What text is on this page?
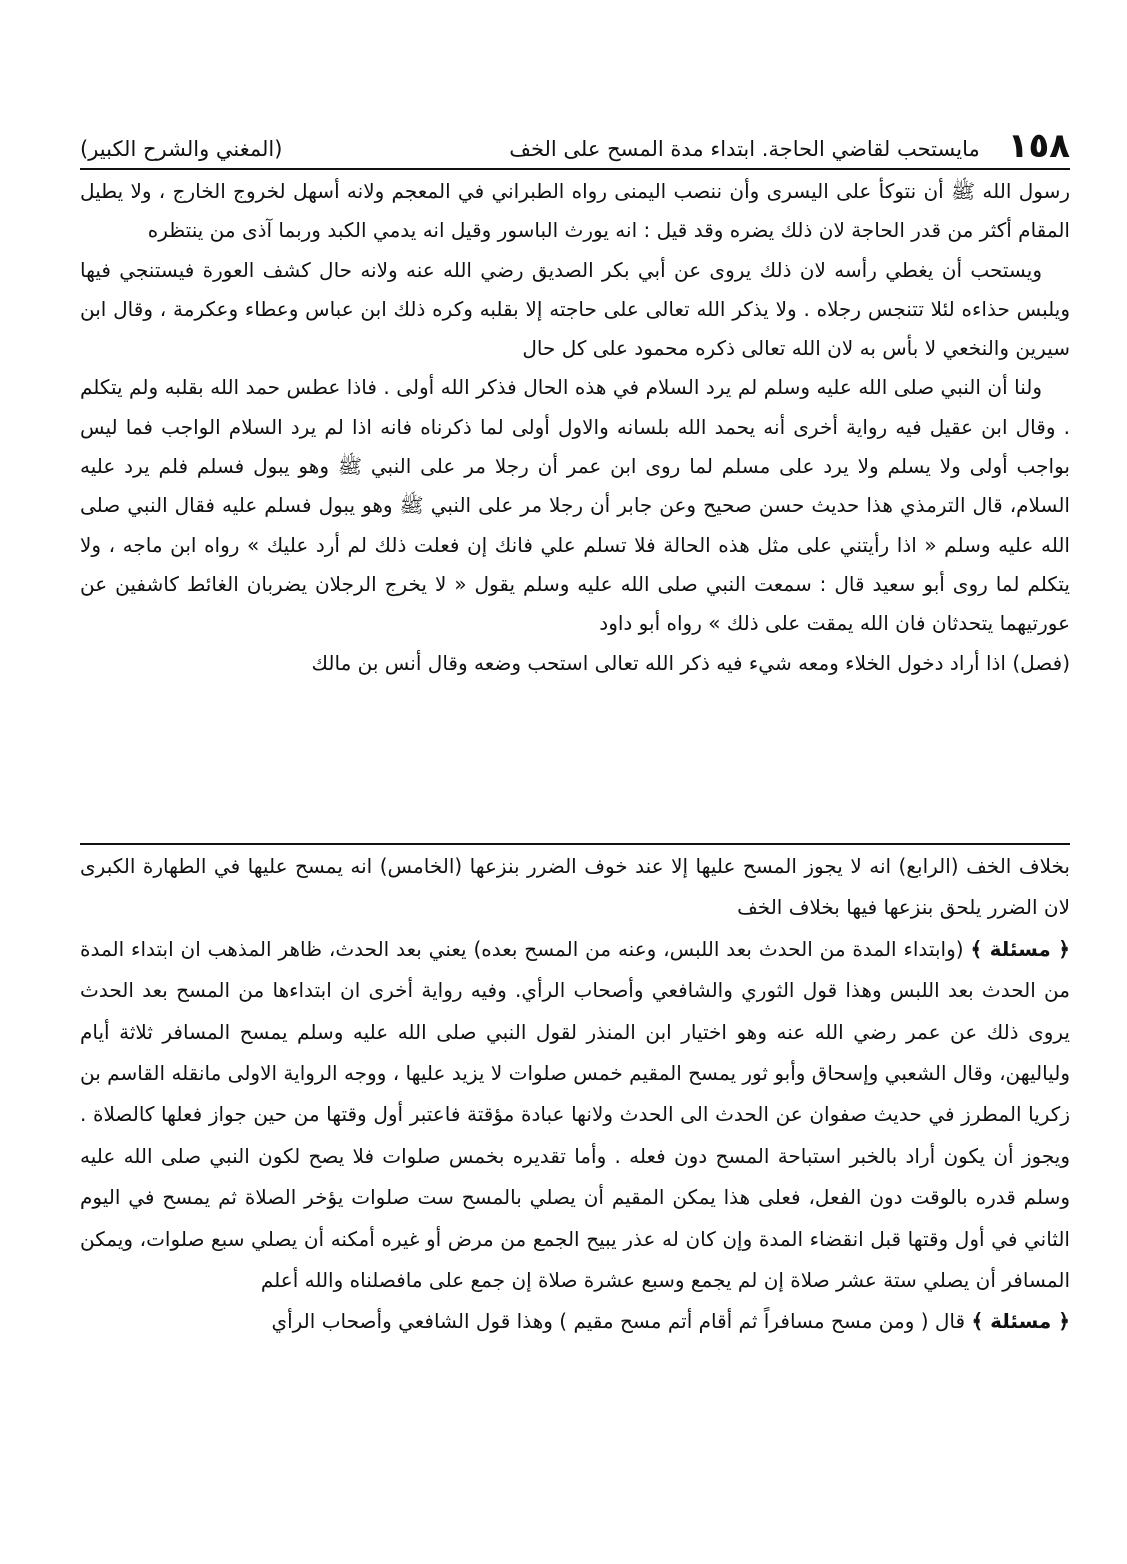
١٥٨
مايستحب لقاضي الحاجة. ابتداء مدة المسح على الخف
(المغني والشرح الكبير)

رسول الله ﷺ أن نتوكأ على اليسرى وأن ننصب اليمنى رواه الطبراني في المعجم ولانه أسهل لخروج الخارج ، ولا يطيل المقام أكثر من قدر الحاجة لان ذلك يضره وقد قيل : انه يورث الباسور وقيل انه يدمي الكبد وربما آذى من ينتظره

ويستحب أن يغطي رأسه لان ذلك يروى عن أبي بكر الصديق رضي الله عنه ولانه حال كشف العورة فيستنجي فيها ويلبس حذاءه لئلا تتنجس رجلاه . ولا يذكر الله تعالى على حاجته إلا بقلبه وكره ذلك ابن عباس وعطاء وعكرمة ، وقال ابن سيرين والنخعي لا بأس به لان الله تعالى ذكره محمود على كل حال

ولنا أن النبي صلى الله عليه وسلم لم يرد السلام في هذه الحال فذكر الله أولى . فاذا عطس حمد الله بقلبه ولم يتكلم . وقال ابن عقيل فيه رواية أخرى أنه يحمد الله بلسانه والاول أولى لما ذكرناه فانه اذا لم يرد السلام الواجب فما ليس بواجب أولى ولا يسلم ولا يرد على مسلم لما روى ابن عمر أن رجلا مر على النبي ﷺ وهو يبول فسلم فلم يرد عليه السلام، قال الترمذي هذا حديث حسن صحيح وعن جابر أن رجلا مر على النبي ﷺ وهو يبول فسلم عليه فقال النبي صلى الله عليه وسلم « اذا رأيتني على مثل هذه الحالة فلا تسلم علي فانك إن فعلت ذلك لم أرد عليك » رواه ابن ماجه ، ولا يتكلم لما روى أبو سعيد قال : سمعت النبي صلى الله عليه وسلم يقول « لا يخرج الرجلان يضربان الغائط كاشفين عن عورتيهما يتحدثان فان الله يمقت على ذلك » رواه أبو داود

(فصل) اذا أراد دخول الخلاء ومعه شيء فيه ذكر الله تعالى استحب وضعه وقال أنس بن مالك

بخلاف الخف (الرابع) انه لا يجوز المسح عليها إلا عند خوف الضرر بنزعها (الخامس) انه يمسح عليها في الطهارة الكبرى لان الضرر يلحق بنزعها فيها بخلاف الخف

﴿ مسئلة ﴾ (وابتداء المدة من الحدث بعد اللبس، وعنه من المسح بعده) يعني بعد الحدث، ظاهر المذهب ان ابتداء المدة من الحدث بعد اللبس وهذا قول الثوري والشافعي وأصحاب الرأي. وفيه رواية أخرى ان ابتداءها من المسح بعد الحدث يروى ذلك عن عمر رضي الله عنه وهو اختيار ابن المنذر لقول النبي صلى الله عليه وسلم يمسح المسافر ثلاثة أيام ولياليهن، وقال الشعبي وإسحاق وأبو ثور يمسح المقيم خمس صلوات لا يزيد عليها ، ووجه الرواية الاولى مانقله القاسم بن زكريا المطرز في حديث صفوان عن الحدث الى الحدث ولانها عبادة مؤقتة فاعتبر أول وقتها من حين جواز فعلها كالصلاة . ويجوز أن يكون أراد بالخبر استباحة المسح دون فعله . وأما تقديره بخمس صلوات فلا يصح لكون النبي صلى الله عليه وسلم قدره بالوقت دون الفعل، فعلى هذا يمكن المقيم أن يصلي بالمسح ست صلوات يؤخر الصلاة ثم يمسح في اليوم الثاني في أول وقتها قبل انقضاء المدة وإن كان له عذر يبيح الجمع من مرض أو غيره أمكنه أن يصلي سبع صلوات، ويمكن المسافر أن يصلي ستة عشر صلاة إن لم يجمع وسبع عشرة صلاة إن جمع على مافصلناه والله أعلم

﴿ مسئلة ﴾ قال ( ومن مسح مسافراً ثم أقام أتم مسح مقيم ) وهذا قول الشافعي وأصحاب الرأي
